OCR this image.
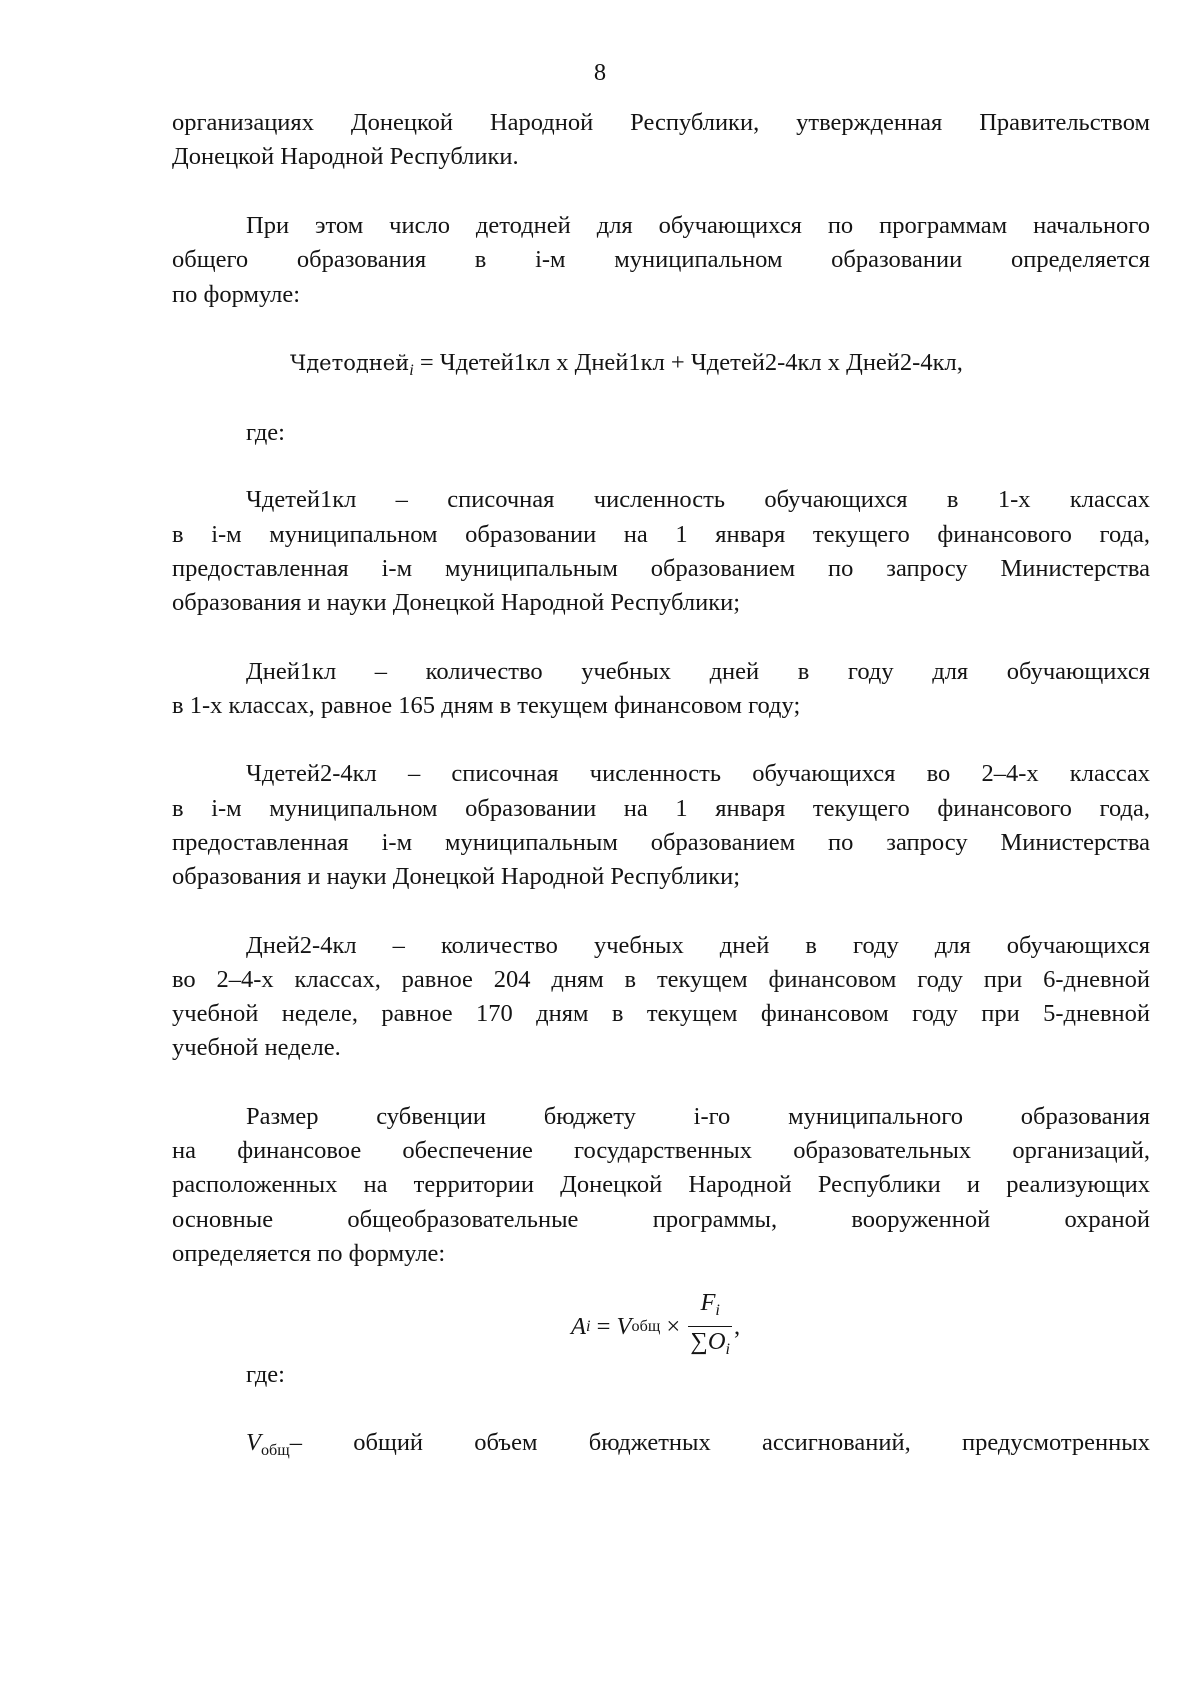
8
организациях Донецкой Народной Республики, утвержденная Правительством
Донецкой Народной Республики.
При этом число детодней для обучающихся по программам начального
общего образования в i-м муниципальном образовании определяется
по формуле:
Чдетодней$_i$ = Чдетей1кл х Дней1кл + Чдетей2-4кл х Дней2-4кл,
где:
Чдетей1кл – списочная численность обучающихся в 1-х классах
в i-м муниципальном образовании на 1 января текущего финансового года,
предоставленная i-м муниципальным образованием по запросу Министерства
образования и науки Донецкой Народной Республики;
Дней1кл – количество учебных дней в году для обучающихся
в 1-х классах, равное 165 дням в текущем финансовом году;
Чдетей2-4кл – списочная численность обучающихся во 2–4-х классах
в i-м муниципальном образовании на 1 января текущего финансового года,
предоставленная i-м муниципальным образованием по запросу Министерства
образования и науки Донецкой Народной Республики;
Дней2-4кл – количество учебных дней в году для обучающихся
во 2–4-х классах, равное 204 дням в текущем финансовом году при 6-дневной
учебной неделе, равное 170 дням в текущем финансовом году при 5-дневной
учебной неделе.
Размер субвенции бюджету i-го муниципального образования
на финансовое обеспечение государственных образовательных организаций,
расположенных на территории Донецкой Народной Республики и реализующих
основные общеобразовательные программы, вооруженной охраной
определяется по формуле:
A i = V общ × $\frac{F_i}{\sum O_i}$ ,
где:
$V_{общ}$ – общий объем бюджетных ассигнований, предусмотренных
